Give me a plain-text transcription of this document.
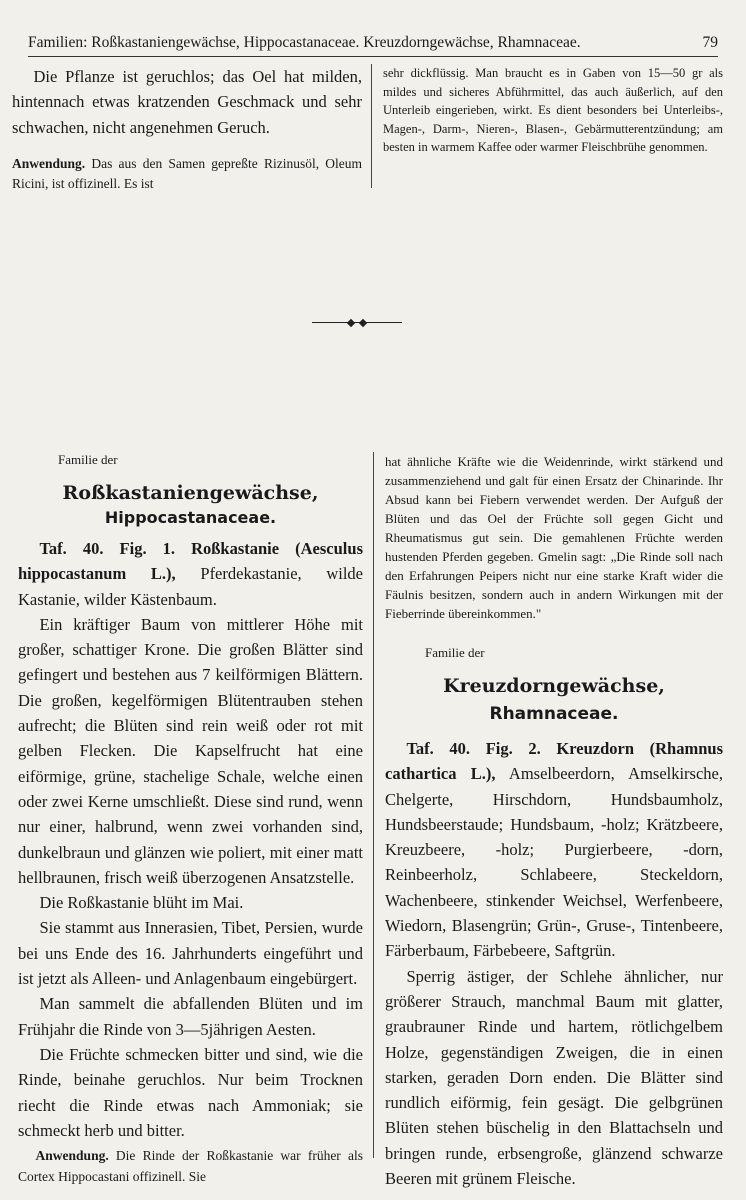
Familien: Roßkastaniengewächse, Hippocastanaceae. Kreuzdorngewächse, Rhamnaceae.	79

Die Pflanze ist geruchlos; das Oel hat milden, hintennach etwas kratzenden Geschmack und sehr schwachen, nicht angenehmen Geruch.

Anwendung. Das aus den Samen gepreßte Rizinusöl, Oleum Ricini, ist offizinell. Es ist

sehr dickflüssig. Man braucht es in Gaben von 15—50 gr als mildes und sicheres Abführmittel, das auch äußerlich, auf den Unterleib eingerieben, wirkt. Es dient besonders bei Unterleibs-, Magen-, Darm-, Nieren-, Blasen-, Gebärmutterentzündung; am besten in warmem Kaffee oder warmer Fleischbrühe genommen.

Familie der
Roßkastaniengewächse,
Hippocastanaceae.

Taf. 40. Fig. 1. Roßkastanie (Aesculus hippocastanum L.), Pferdekastanie, wilde Kastanie, wilder Kästenbaum.

Ein kräftiger Baum von mittlerer Höhe mit großer, schattiger Krone. Die großen Blätter sind gefingert und bestehen aus 7 keilförmigen Blättern. Die großen, kegelförmigen Blütentrauben stehen aufrecht; die Blüten sind rein weiß oder rot mit gelben Flecken. Die Kapselfrucht hat eine eiförmige, grüne, stachelige Schale, welche einen oder zwei Kerne umschließt. Diese sind rund, wenn nur einer, halbrund, wenn zwei vorhanden sind, dunkelbraun und glänzen wie poliert, mit einer matt hellbraunen, frisch weiß überzogenen Ansatzstelle.

Die Roßkastanie blüht im Mai.

Sie stammt aus Innerasien, Tibet, Persien, wurde bei uns Ende des 16. Jahrhunderts eingeführt und ist jetzt als Alleen- und Anlagenbaum eingebürgert.

Man sammelt die abfallenden Blüten und im Frühjahr die Rinde von 3—5jährigen Aesten.

Die Früchte schmecken bitter und sind, wie die Rinde, beinahe geruchlos. Nur beim Trocknen riecht die Rinde etwas nach Ammoniak; sie schmeckt herb und bitter.

Anwendung. Die Rinde der Roßkastanie war früher als Cortex Hippocastani offizinell. Sie

hat ähnliche Kräfte wie die Weidenrinde, wirkt stärkend und zusammenziehend und galt für einen Ersatz der Chinarinde. Ihr Absud kann bei Fiebern verwendet werden. Der Aufguß der Blüten und das Oel der Früchte soll gegen Gicht und Rheumatismus gut sein. Die gemahlenen Früchte werden hustenden Pferden gegeben. Gmelin sagt: „Die Rinde soll nach den Erfahrungen Peipers nicht nur eine starke Kraft wider die Fäulnis besitzen, sondern auch in andern Wirkungen mit der Fieberrinde übereinkommen."

Familie der
Kreuzdorngewächse, Rhamnaceae.

Taf. 40. Fig. 2. Kreuzdorn (Rhamnus cathartica L.), Amselbeerdorn, Amselkirsche, Chelgerte, Hirschdorn, Hundsbaumholz, Hundsbeerstaude; Hundsbaum, -holz; Krätzbeere, Kreuzbeere, -holz; Purgierbeere, -dorn, Reinbeerholz, Schlabeere, Steckeldorn, Wachenbeere, stinkender Weichsel, Werfenbeere, Wiedorn, Blasengrün; Grün-, Gruse-, Tintenbeere, Färberbaum, Färbebeere, Saftgrün.

Sperrig ästiger, der Schlehe ähnlicher, nur größerer Strauch, manchmal Baum mit glatter, graubrauner Rinde und hartem, rötlichgelbem Holze, gegenständigen Zweigen, die in einen starken, geraden Dorn enden. Die Blätter sind rundlich eiförmig, fein gesägt. Die gelbgrünen Blüten stehen büschelig in den Blattachseln und bringen runde, erbsengroße, glänzend schwarze Beeren mit grünem Fleische.
